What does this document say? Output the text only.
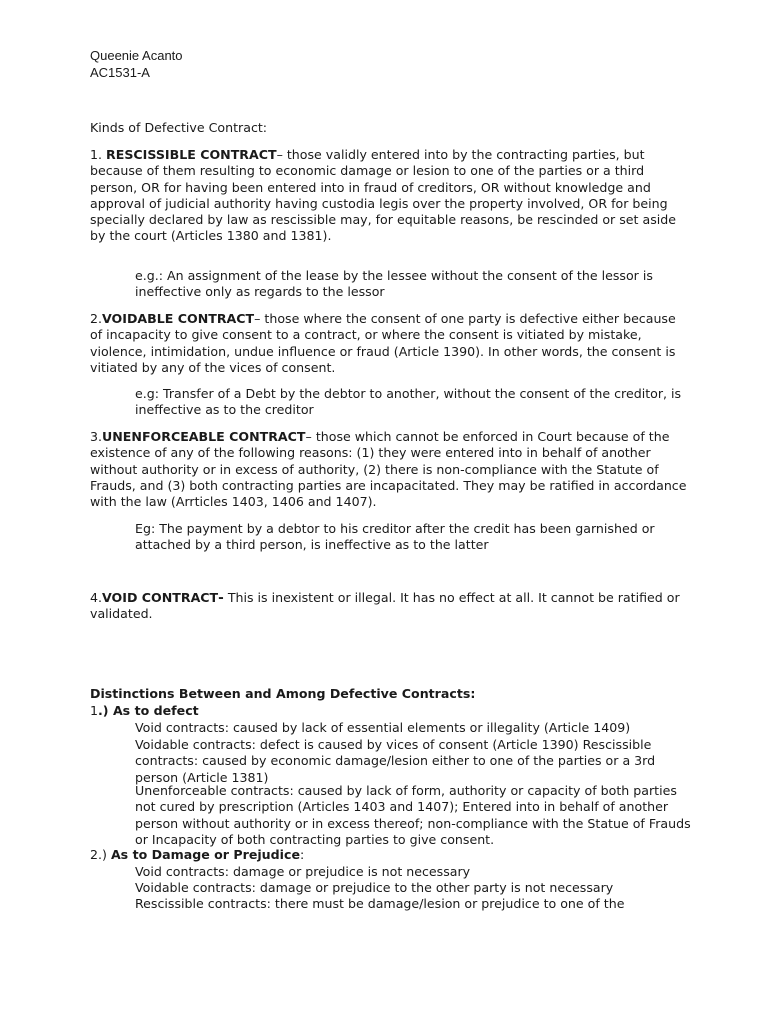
Queenie Acanto

AC1531-A

Kinds of Defective Contract:

1. RESCISSIBLE CONTRACT– those validly entered into by the contracting parties, but because of them resulting to economic damage or lesion to one of the parties or a third person, OR for having been entered into in fraud of creditors, OR without knowledge and approval of judicial authority having custodia legis over the property involved, OR for being specially declared by law as rescissible may, for equitable reasons, be rescinded or set aside by the court (Articles 1380 and 1381).

e.g.: An assignment of the lease by the lessee without the consent of the lessor is ineffective only as regards to the lessor

2.VOIDABLE CONTRACT– those where the consent of one party is defective either because of incapacity to give consent to a contract, or where the consent is vitiated by mistake, violence, intimidation, undue influence or fraud (Article 1390). In other words, the consent is vitiated by any of the vices of consent.

e.g: Transfer of a Debt by the debtor to another, without the consent of the creditor, is ineffective as to the creditor

3.UNENFORCEABLE CONTRACT– those which cannot be enforced in Court because of the existence of any of the following reasons: (1) they were entered into in behalf of another without authority or in excess of authority, (2) there is non-compliance with the Statute of Frauds, and (3) both contracting parties are incapacitated. They may be ratified in accordance with the law (Arrticles 1403, 1406 and 1407).

Eg: The payment by a debtor to his creditor after the credit has been garnished or attached by a third person, is ineffective as to the latter

4.VOID CONTRACT- This is inexistent or illegal. It has no effect at all. It cannot be ratified or validated.

Distinctions Between and Among Defective Contracts:

1.) As to defect

Void contracts: caused by lack of essential elements or illegality (Article 1409)

Voidable contracts: defect is caused by vices of consent (Article 1390) Rescissible contracts: caused by economic damage/lesion either to one of the parties or a 3rd person (Article 1381)

Unenforceable contracts: caused by lack of form, authority or capacity of both parties not cured by prescription (Articles 1403 and 1407); Entered into in behalf of another person without authority or in excess thereof; non-compliance with the Statue of Frauds or Incapacity of both contracting parties to give consent.

2.) As to Damage or Prejudice:

Void contracts: damage or prejudice is not necessary

Voidable contracts: damage or prejudice to the other party is not necessary

Rescissible contracts: there must be damage/lesion or prejudice to one of the
